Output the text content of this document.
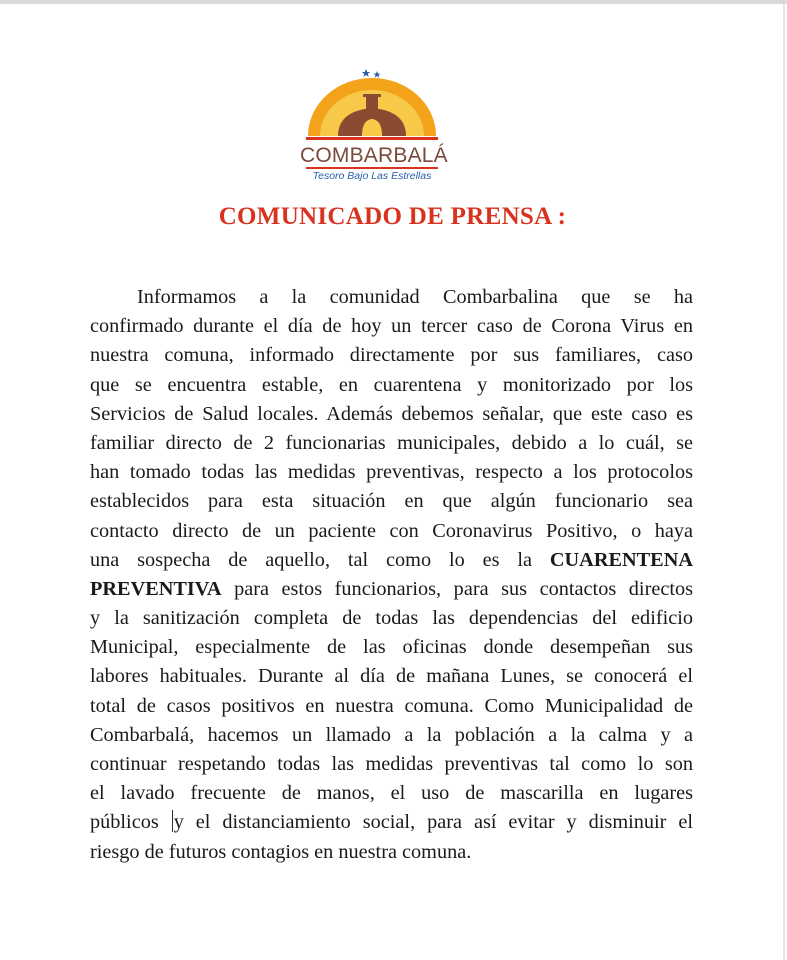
COMBARBALÁ
Tesoro Bajo Las Estrellas
COMUNICADO DE PRENSA :
Informamos a la comunidad Combarbalina que se ha
confirmado durante el día de hoy un tercer caso de Corona Virus en
nuestra comuna, informado directamente por sus familiares, caso
que se encuentra estable, en cuarentena y monitorizado por los
Servicios de Salud locales. Además debemos señalar, que este caso es
familiar directo de 2 funcionarias municipales, debido a lo cuál, se
han tomado todas las medidas preventivas, respecto a los protocolos
establecidos para esta situación en que algún funcionario sea
contacto directo de un paciente con Coronavirus Positivo, o haya
una sospecha de aquello, tal como lo es la CUARENTENA
PREVENTIVA para estos funcionarios, para sus contactos directos
y la sanitización completa de todas las dependencias del edificio
Municipal, especialmente de las oficinas donde desempeñan sus
labores habituales. Durante al día de mañana Lunes, se conocerá el
total de casos positivos en nuestra comuna. Como Municipalidad de
Combarbalá, hacemos un llamado a la población a la calma y a
continuar respetando todas las medidas preventivas tal como lo son
el lavado frecuente de manos, el uso de mascarilla en lugares
públicos y el distanciamiento social, para así evitar y disminuir el
riesgo de futuros contagios en nuestra comuna.
